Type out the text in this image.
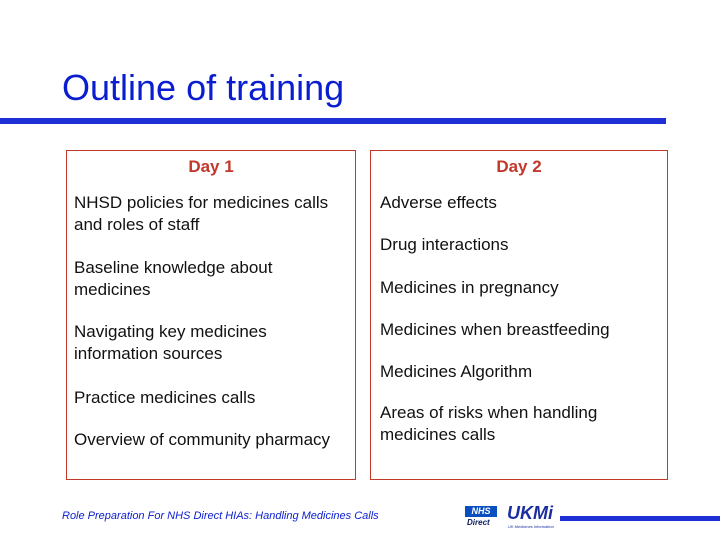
Outline of training
Day 1
NHSD policies for medicines calls and roles of staff
Baseline knowledge about medicines
Navigating key medicines information sources
Practice medicines calls
Overview of community pharmacy
Day 2
Adverse effects
Drug interactions
Medicines in pregnancy
Medicines when breastfeeding
Medicines Algorithm
Areas of risks when handling medicines calls
Role Preparation For NHS Direct HIAs: Handling Medicines Calls	NHS
Direct UKMi
UK Medicines Information
